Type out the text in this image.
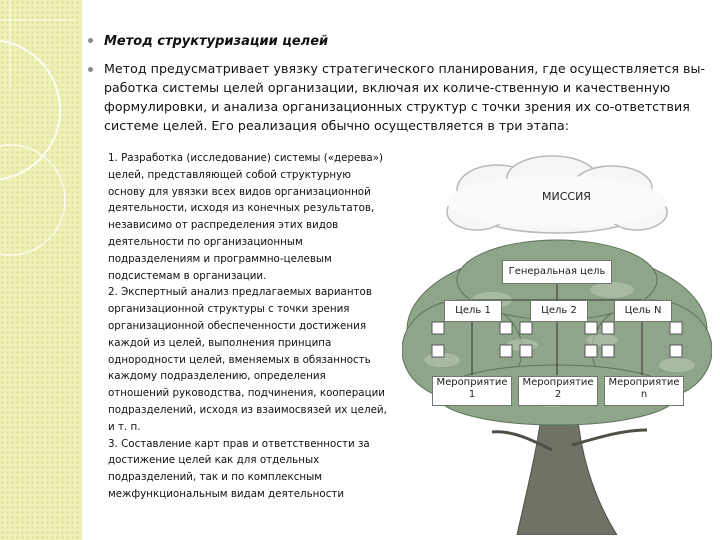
Метод структуризации целей
Метод предусматривает увязку стратегического планирования, где осуществляется вы-работка системы целей организации, включая их количе-ственную и качественную формулировки, и анализа организационных структур с точки зрения их со-ответствия системе целей. Его реализация обычно осуществляется в три этапа:

1. Разработка (исследование) системы («дерева») целей, представляющей собой структурную основу для увязки всех видов организационной деятельности, исходя из конечных результатов, независимо от распределения этих видов деятельности по организационным подразделениям и программно-целевым подсистемам в организации.

2. Экспертный анализ предлагаемых вариантов организационной структуры с точки зрения организационной обеспеченности достижения каждой из целей, выполнения принципа однородности целей, вменяемых в обязанность каждому подразделению, определения отношений руководства, подчинения, кооперации подразделений, исходя из взаимосвязей их целей, и т. п.

3. Составление карт прав и ответственности за достижение целей как для отдельных подразделений, так и по комплексным межфункциональным видам деятельности

МИССИЯ
Генеральная цель
Цель 1	Цель 2	Цель N
Мероприятие
1
Мероприятие
2
Мероприятие
n
